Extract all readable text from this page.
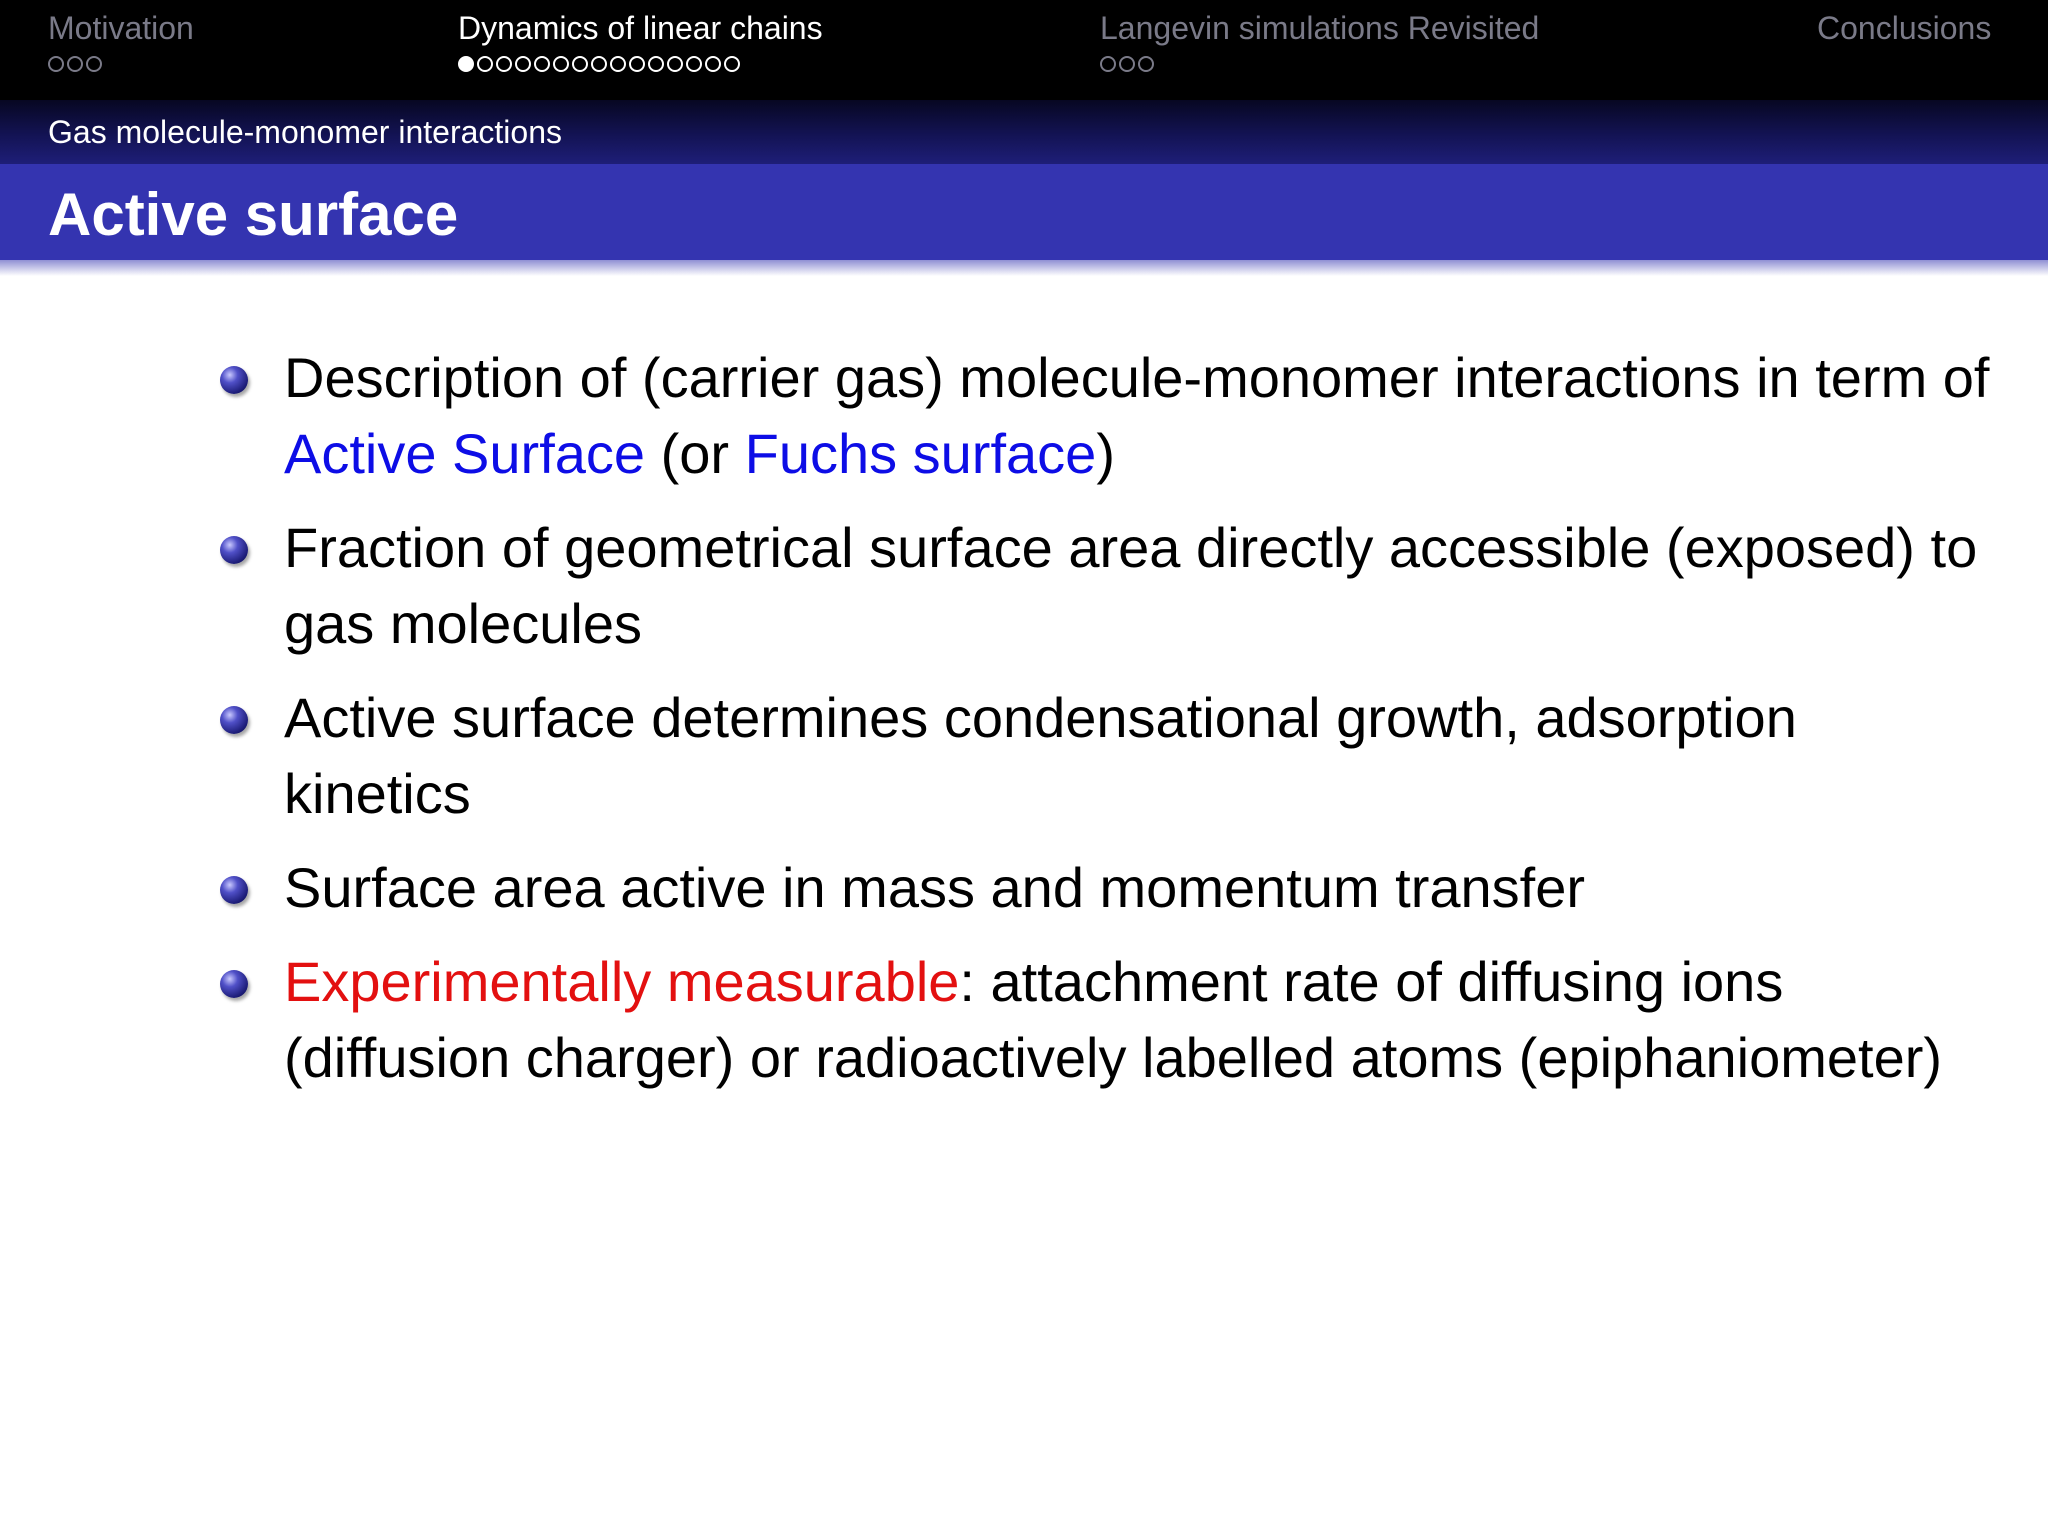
Motivation	Dynamics of linear chains	Langevin simulations Revisited	Conclusions
Gas molecule-monomer interactions
Active surface
Description of (carrier gas) molecule-monomer interactions in term of Active Surface (or Fuchs surface)
Fraction of geometrical surface area directly accessible (exposed) to gas molecules
Active surface determines condensational growth, adsorption kinetics
Surface area active in mass and momentum transfer
Experimentally measurable: attachment rate of diffusing ions (diffusion charger) or radioactively labelled atoms (epiphaniometer)
